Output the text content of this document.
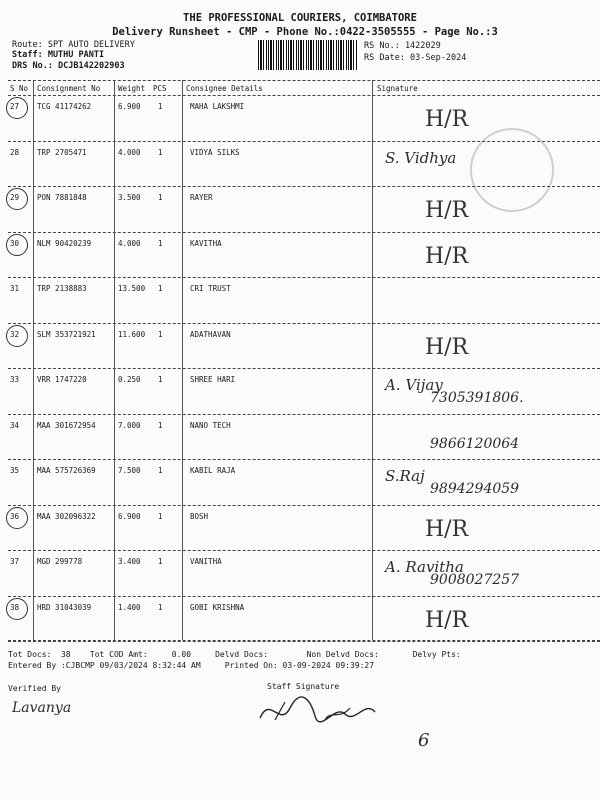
THE PROFESSIONAL COURIERS, COIMBATORE
Delivery Runsheet - CMP - Phone No.:0422-3505555 - Page No.:3
Route: SPT AUTO DELIVERY
Staff: MUTHU PANTI
DRS No.: DCJB142202903
RS No.: 1422029
RS Date: 03-Sep-2024
S No Consignment No Weight PCS	Consignee Details	Signature
27 TCG 41174262	6.900 1	MAHA LAKSHMI
H/R
28 TRP 2705471	4.000 1	VIDYA SILKS	S. Vidhya
29 PON 7881848	3.500 1	RAYER
H/R
30 NLM 90420239	4.000 1	KAVITHA
H/R
31 TRP 2138883	13.500 1	CRI TRUST
32 SLM 353721921	11.600 1	ADATHAVAN
H/R
33 VRR 1747220	0.250 1	SHREE HARI	A. Vijay
7305391806.
34 MAA 301672954	7.000 1	NANO TECH
9866120064
35 MAA 575726369	7.500 1	KABIL RAJA	S.Raj
9894294059
36 MAA 302096322	6.900 1	BOSH
H/R
37 MGD 299778	3.400 1	VANITHA	A. Ravitha
9008027257
38 HRD 31043039	1.400 1	GOBI KRISHNA
H/R
Tot Docs:  38    Tot COD Amt:     0.00     Delvd Docs:        Non Delvd Docs:       Delvy Pts:
Entered By :CJBCMP 09/03/2024 8:32:44 AM     Printed On: 03-09-2024 09:39:27
Verified By
Lavanya
Staff Signature
6
